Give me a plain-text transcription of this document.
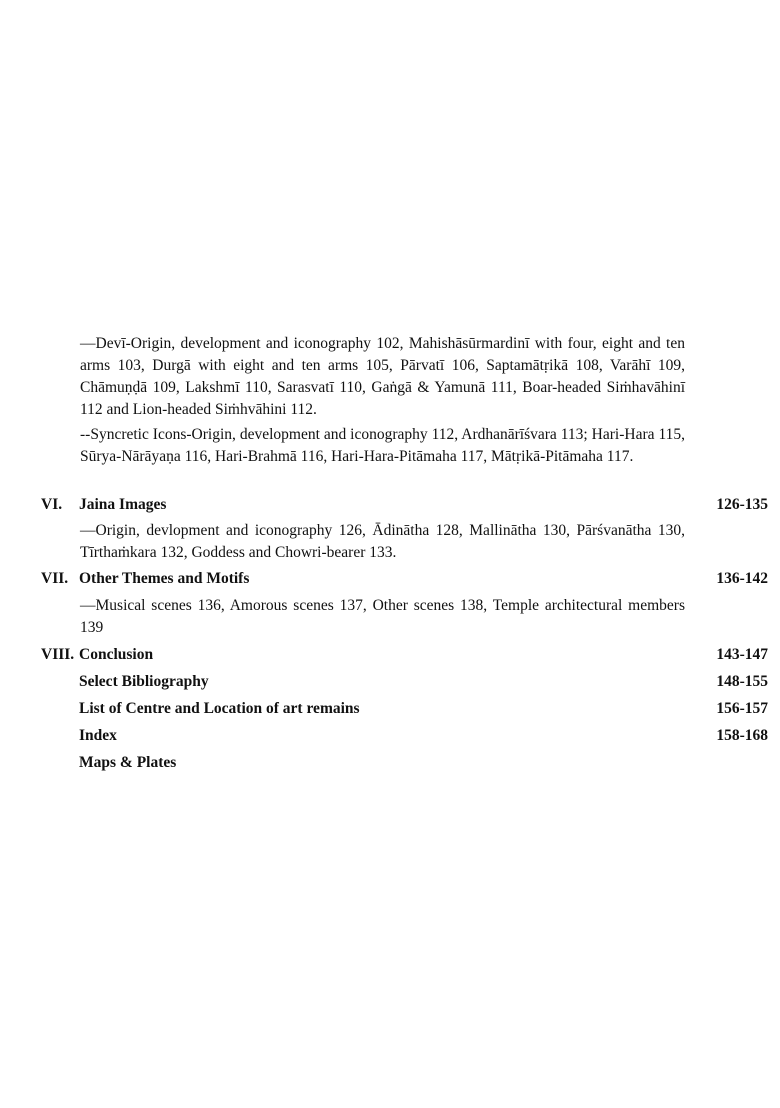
—Devī-Origin, development and iconography 102, Mahishāsūrmardinī with four, eight and ten arms 103, Durgā with eight and ten arms 105, Pārvatī 106, Saptamātṛikā 108, Varāhī 109, Chāmuṇḍā 109, Lakshmī 110, Sarasvatī 110, Gaṅgā & Yamunā 111, Boar-headed Siṁhavāhinī 112 and Lion-headed Siṁhvāhini 112.

--Syncretic Icons-Origin, development and iconography 112, Ardhanārīśvara 113; Hari-Hara 115, Sūrya-Nārāyaṇa 116, Hari-Brahmā 116, Hari-Hara-Pitāmaha 117, Mātṛikā-Pitāmaha 117.

VI.	Jaina Images	126-135

—Origin, devlopment and iconography 126, Ādinātha 128, Mallinātha 130, Pārśvanātha 130, Tīrthaṁkara 132, Goddess and Chowri-bearer 133.

VII. Other Themes and Motifs	136-142

—Musical scenes 136, Amorous scenes 137, Other scenes 138, Temple architectural members 139

VIII. Conclusion	143-147
Select Bibliography	148-155
List of Centre and Location of art remains	156-157
Index	158-168
Maps & Plates
